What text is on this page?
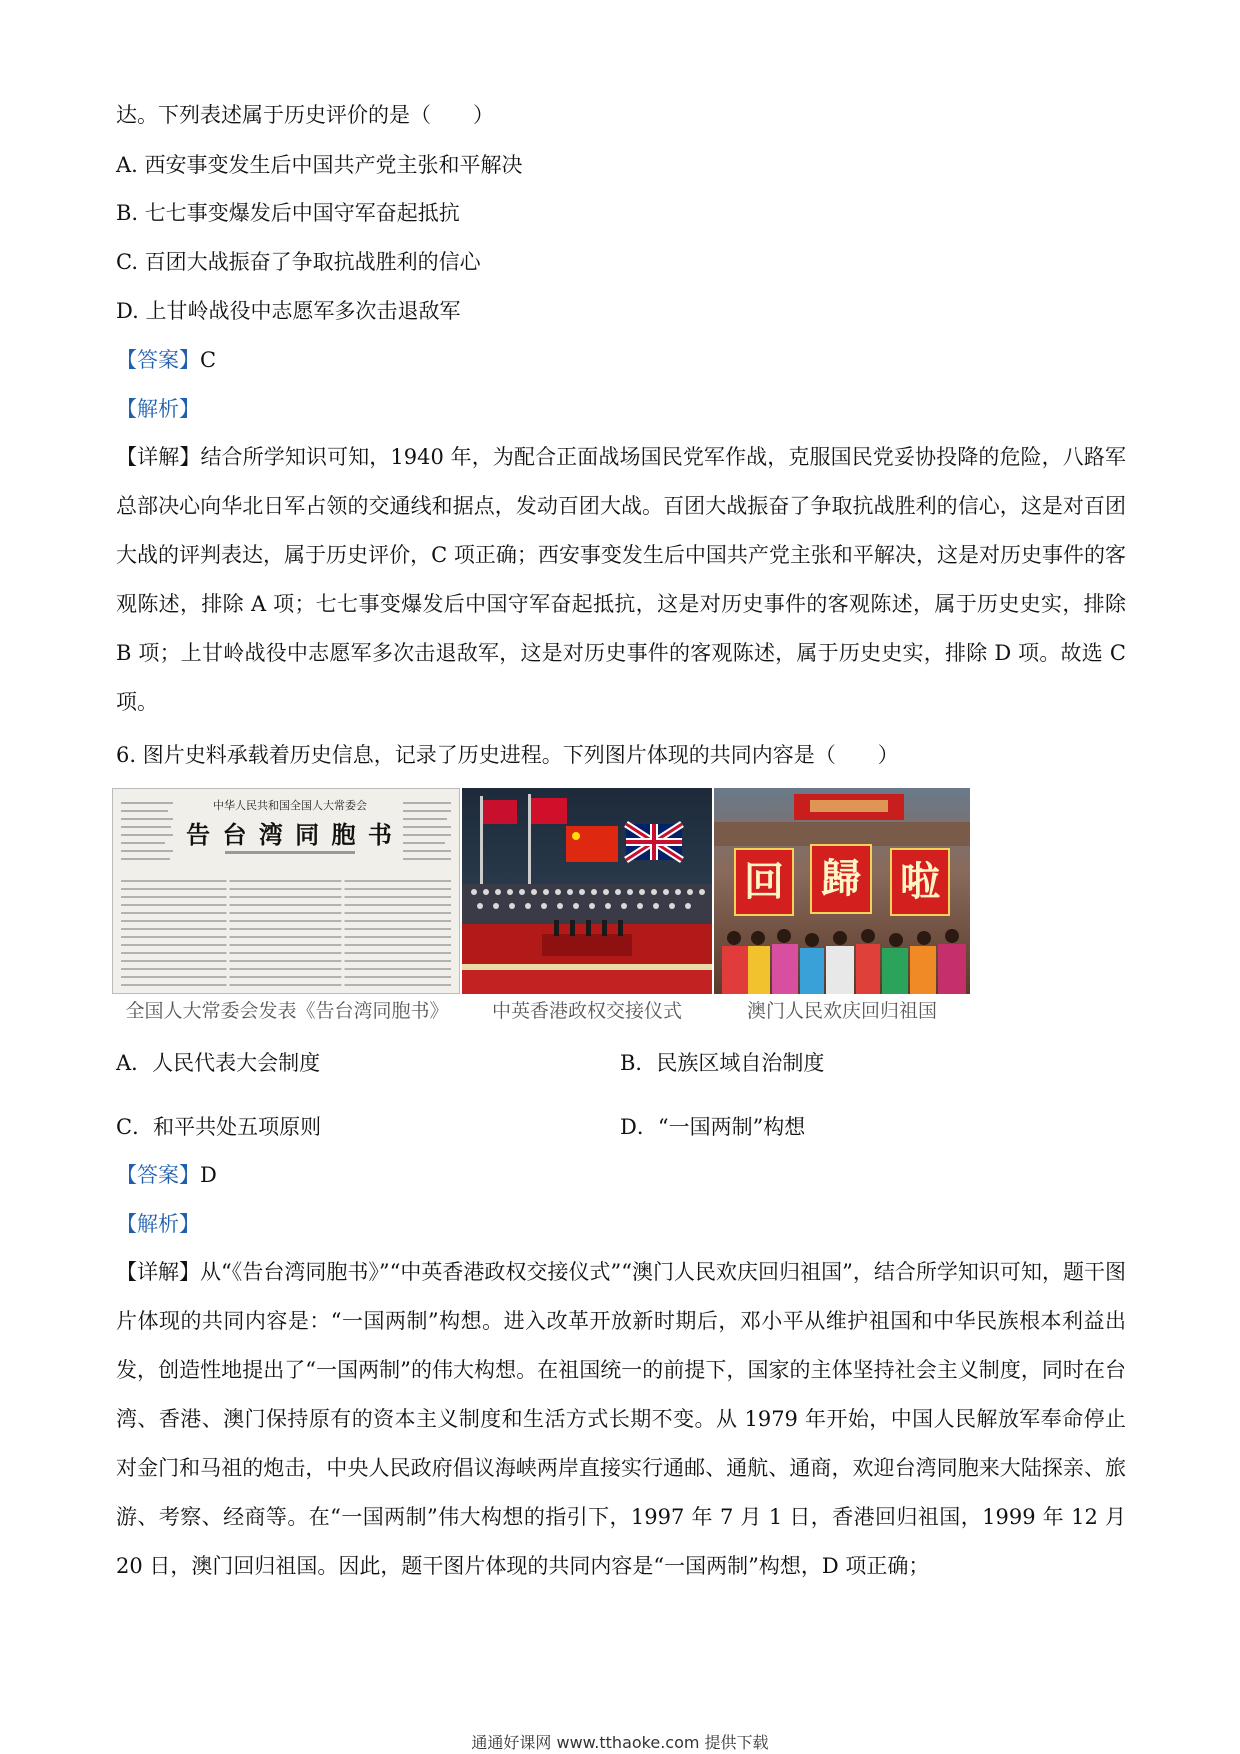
达。下列表述属于历史评价的是（　　）
A. 西安事变发生后中国共产党主张和平解决
B. 七七事变爆发后中国守军奋起抵抗
C. 百团大战振奋了争取抗战胜利的信心
D. 上甘岭战役中志愿军多次击退敌军
【答案】C
【解析】
【详解】结合所学知识可知，1940 年，为配合正面战场国民党军作战，克服国民党妥协投降的危险，八路军总部决心向华北日军占领的交通线和据点，发动百团大战。百团大战振奋了争取抗战胜利的信心，这是对百团大战的评判表达，属于历史评价，C 项正确；西安事变发生后中国共产党主张和平解决，这是对历史事件的客观陈述，排除 A 项；七七事变爆发后中国守军奋起抵抗，这是对历史事件的客观陈述，属于历史史实，排除 B 项；上甘岭战役中志愿军多次击退敌军，这是对历史事件的客观陈述，属于历史史实，排除 D 项。故选 C 项。
6. 图片史料承载着历史信息，记录了历史进程。下列图片体现的共同内容是（　　）
中华人民共和国全国人大常委会
告 台 湾 同 胞 书
回 歸 啦
全国人大常委会发表《告台湾同胞书》	中英香港政权交接仪式	澳门人民欢庆回归祖国
A．人民代表大会制度	B．民族区域自治制度
C．和平共处五项原则	D．“一国两制”构想
【答案】D
【解析】
【详解】从“《告台湾同胞书》”“中英香港政权交接仪式”“澳门人民欢庆回归祖国”，结合所学知识可知，题干图片体现的共同内容是：“一国两制”构想。进入改革开放新时期后，邓小平从维护祖国和中华民族根本利益出发，创造性地提出了“一国两制”的伟大构想。在祖国统一的前提下，国家的主体坚持社会主义制度，同时在台湾、香港、澳门保持原有的资本主义制度和生活方式长期不变。从 1979 年开始，中国人民解放军奉命停止对金门和马祖的炮击，中央人民政府倡议海峡两岸直接实行通邮、通航、通商，欢迎台湾同胞来大陆探亲、旅游、考察、经商等。在“一国两制”伟大构想的指引下，1997 年 7 月 1 日，香港回归祖国，1999 年 12 月 20 日，澳门回归祖国。因此，题干图片体现的共同内容是“一国两制”构想，D 项正确；
通通好课网 www.tthaoke.com 提供下载
